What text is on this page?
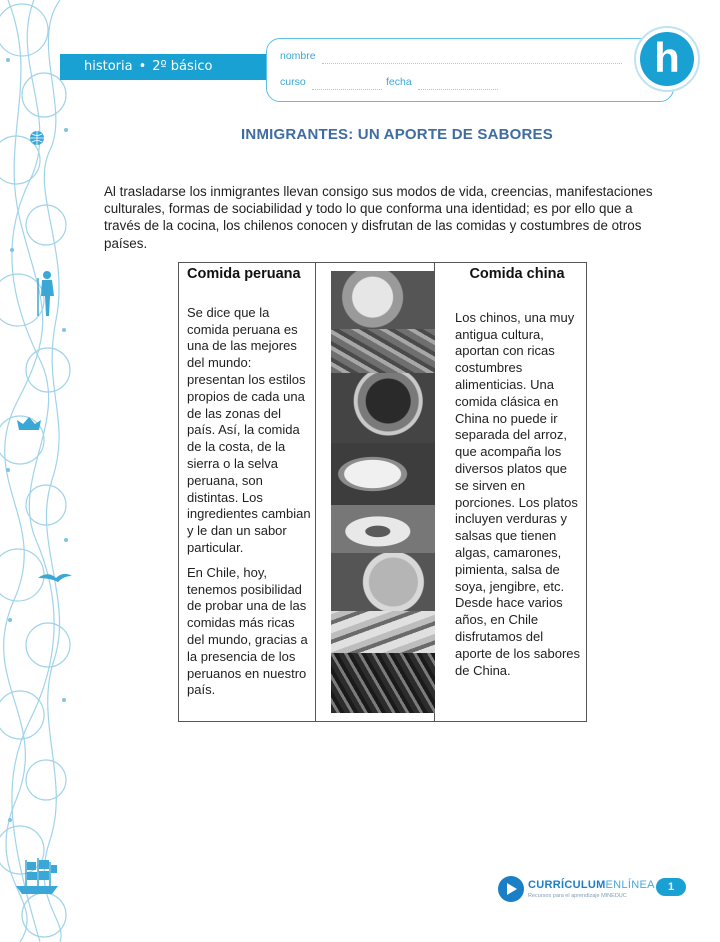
historia • 2º básico
nombre
curso	fecha
h
INMIGRANTES: UN APORTE DE SABORES

Al trasladarse los inmigrantes llevan consigo sus modos de vida, creencias, manifestaciones culturales, formas de sociabilidad y todo lo que conforma una identidad; es por ello que a través de la cocina, los chilenos conocen y disfrutan de las comidas y costumbres de otros países.

Comida peruana

Se dice que la comida peruana es una de las mejores del mundo: presentan los estilos propios de cada una de las zonas del país. Así, la comida de la costa, de la sierra o la selva peruana, son distintas. Los ingredientes cambian y le dan un sabor particular.

En Chile, hoy, tenemos posibilidad de probar una de las comidas más ricas del mundo, gracias a la presencia de los peruanos en nuestro país.

Comida china

Los chinos, una muy antigua cultura, aportan con ricas costumbres alimenticias. Una comida clásica en China no puede ir separada del arroz, que acompaña los diversos platos que se sirven en porciones. Los platos incluyen verduras y salsas que tienen algas, camarones, pimienta, salsa de soya, jengibre, etc. Desde hace varios años, en Chile disfrutamos del aporte de los sabores de China.

CURRÍCULUMENLÍNEA
Recursos para el aprendizaje MINEDUC
1
